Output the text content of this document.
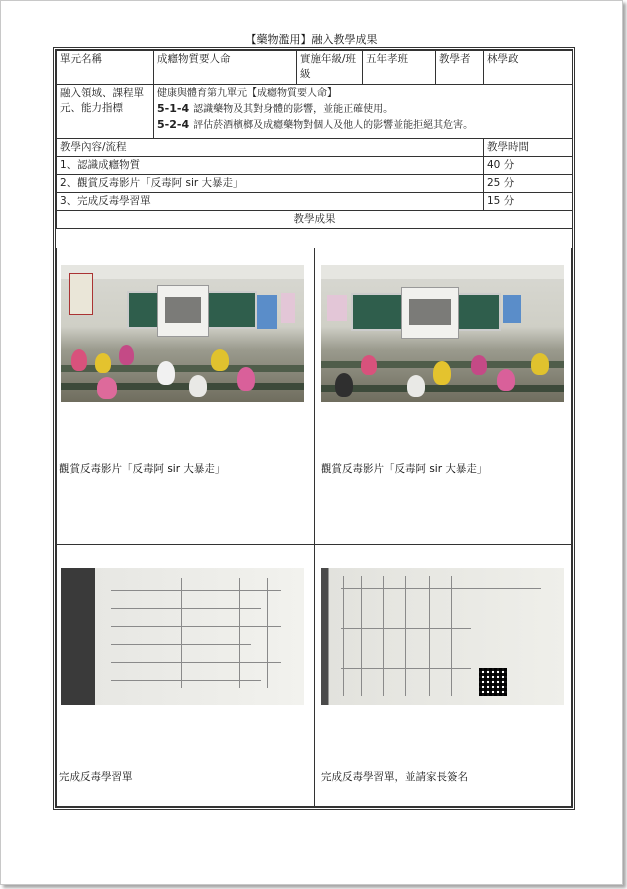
【藥物濫用】融入教學成果
單元名稱	成癮物質要人命	實施年級/班級	五年孝班	教學者	林學政
融入領域、課程單元、能力指標	健康與體育第九單元【成癮物質要人命】
5-1-4 認識藥物及其對身體的影響，並能正確使用。
5-2-4 評估菸酒檳榔及成癮藥物對個人及他人的影響並能拒絕其危害。				

教學內容/流程					教學時間
1、認識成癮物質					40 分
2、觀賞反毒影片「反毒阿 sir 大暴走」					25 分
3、完成反毒學習單					15 分
教學成果					
觀賞反毒影片「反毒阿 sir 大暴走」	觀賞反毒影片「反毒阿 sir 大暴走」
完成反毒學習單	完成反毒學習單，並請家長簽名
